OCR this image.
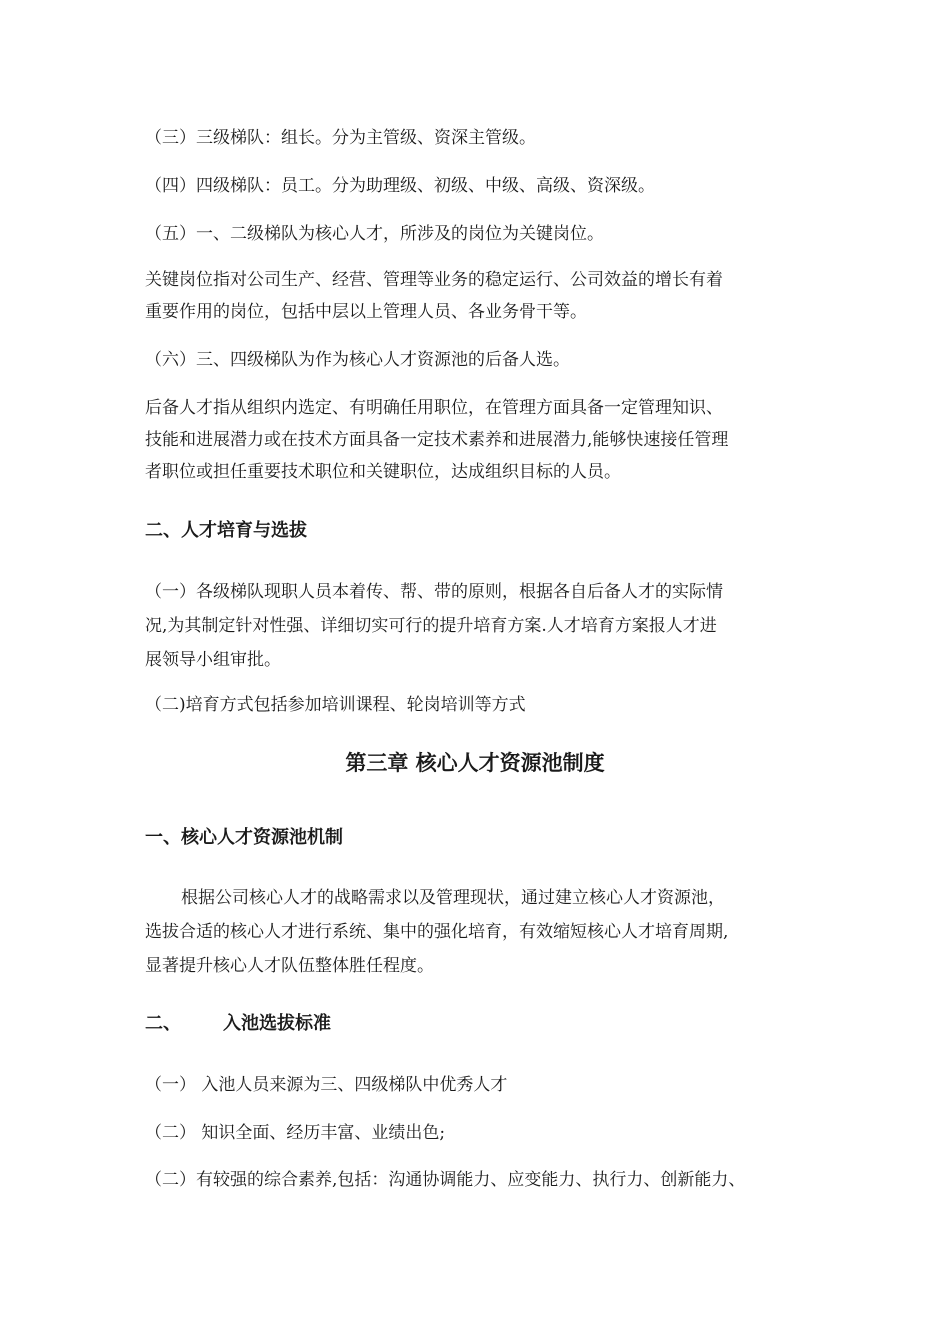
（三）三级梯队：组长。分为主管级、资深主管级。
（四）四级梯队：员工。分为助理级、初级、中级、高级、资深级。
（五）一、二级梯队为核心人才，所涉及的岗位为关键岗位。
关键岗位指对公司生产、经营、管理等业务的稳定运行、公司效益的增长有着
重要作用的岗位，包括中层以上管理人员、各业务骨干等。
（六）三、四级梯队为作为核心人才资源池的后备人选。
后备人才指从组织内选定、有明确任用职位，在管理方面具备一定管理知识、
技能和进展潜力或在技术方面具备一定技术素养和进展潜力,能够快速接任管理
者职位或担任重要技术职位和关键职位，达成组织目标的人员。
二、人才培育与选拔
（一）各级梯队现职人员本着传、帮、带的原则，根据各自后备人才的实际情
况,为其制定针对性强、详细切实可行的提升培育方案.人才培育方案报人才进
展领导小组审批。
（二)培育方式包括参加培训课程、轮岗培训等方式
第三章 核心人才资源池制度
一、核心人才资源池机制
根据公司核心人才的战略需求以及管理现状，通过建立核心人才资源池，
选拔合适的核心人才进行系统、集中的强化培育，有效缩短核心人才培育周期,
显著提升核心人才队伍整体胜任程度。
二、 入池选拔标准
（一） 入池人员来源为三、四级梯队中优秀人才
（二） 知识全面、经历丰富、业绩出色;
（二）有较强的综合素养,包括：沟通协调能力、应变能力、执行力、创新能力、
